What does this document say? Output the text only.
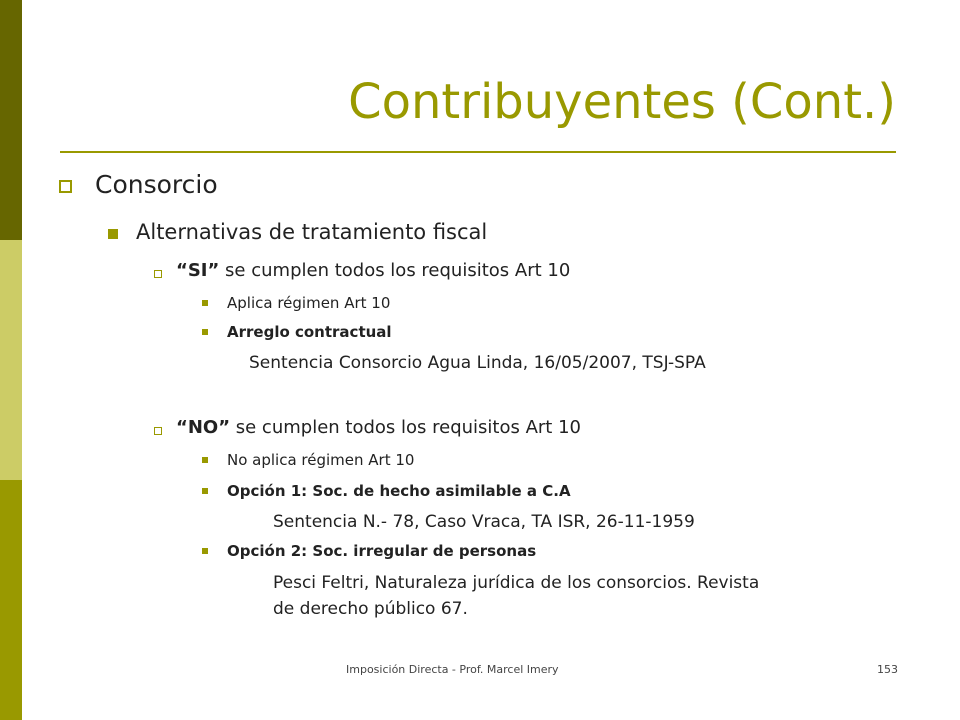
Contribuyentes (Cont.)
Consorcio
Alternativas de tratamiento fiscal
“SI” se cumplen todos los requisitos Art 10
Aplica régimen Art 10
Arreglo contractual
Sentencia Consorcio Agua Linda, 16/05/2007, TSJ-SPA
“NO” se cumplen todos los requisitos Art 10
No aplica régimen Art 10
Opción 1: Soc. de hecho asimilable a C.A
Sentencia N.- 78, Caso Vraca, TA ISR, 26-11-1959
Opción 2: Soc. irregular de personas
Pesci Feltri, Naturaleza jurídica de los consorcios. Revista
de derecho público 67.
Imposición Directa - Prof. Marcel Imery	153
